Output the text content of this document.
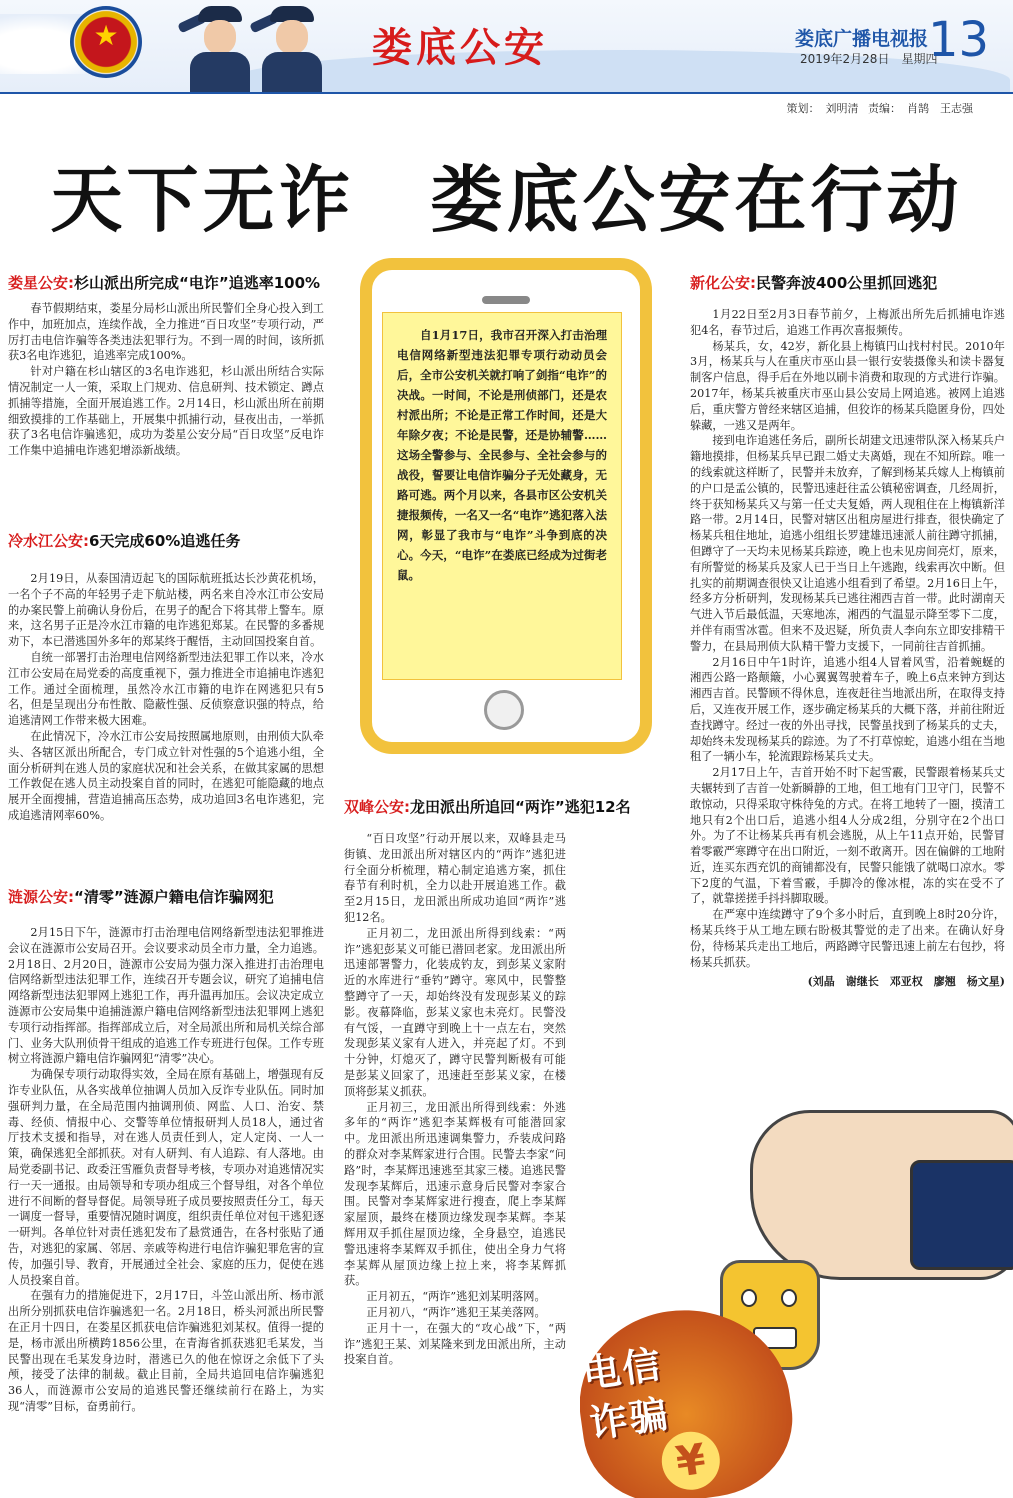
★	娄底公安	娄底广播电视报
2019年2月28日　 星期四
13
策划： 刘明清 责编： 肖鹄　王志强
天下无诈　娄底公安在行动
娄星公安:杉山派出所完成“电诈”追逃率100%

春节假期结束，娄星分局杉山派出所民警们全身心投入到工作中，加班加点，连续作战，全力推进“百日攻坚”专项行动，严厉打击电信诈骗等各类违法犯罪行为。不到一周的时间，该所抓获3名电诈逃犯，追逃率完成100%。

针对户籍在杉山辖区的3名电诈逃犯，杉山派出所结合实际情况制定一人一策，采取上门规劝、信息研判、技术锁定、蹲点抓捕等措施，全面开展追逃工作。2月14日，杉山派出所在前期细致摸排的工作基础上，开展集中抓捕行动，昼夜出击，一举抓获了3名电信诈骗逃犯，成功为娄星公安分局“百日攻坚”反电诈工作集中追捕电诈逃犯增添新战绩。

冷水江公安:6天完成60%追逃任务

2月19日，从泰国清迈起飞的国际航班抵达长沙黄花机场，一名个子不高的年轻男子走下航站楼，两名来自冷水江市公安局的办案民警上前确认身份后，在男子的配合下将其带上警车。原来，这名男子正是冷水江市籍的电诈逃犯郑某。在民警的多番规劝下，本已潜逃国外多年的郑某终于醒悟，主动回国投案自首。

自统一部署打击治理电信网络新型违法犯罪工作以来，冷水江市公安局在局党委的高度重视下，强力推进全市追捕电诈逃犯工作。通过全面梳理，虽然冷水江市籍的电诈在网逃犯只有5名，但是呈现出分布性散、隐蔽性强、反侦察意识强的特点，给追逃清网工作带来极大困难。

在此情况下，冷水江市公安局按照属地原则，由刑侦大队牵头、各辖区派出所配合，专门成立针对性强的5个追逃小组，全面分析研判在逃人员的家庭状况和社会关系，在做其家属的思想工作敦促在逃人员主动投案自首的同时，在逃犯可能隐藏的地点展开全面搜捕，营造追捕高压态势，成功追回3名电诈逃犯，完成追逃清网率60%。

涟源公安:“清零”涟源户籍电信诈骗网犯

2月15日下午，涟源市打击治理电信网络新型违法犯罪推进会议在涟源市公安局召开。会议要求动员全市力量，全力追逃。2月18日、2月20日，涟源市公安局为强力深入推进打击治理电信网络新型违法犯罪工作，连续召开专题会议，研究了追捕电信网络新型违法犯罪网上逃犯工作，再升温再加压。会议决定成立涟源市公安局集中追捕涟源户籍电信网络新型违法犯罪网上逃犯专项行动指挥部。指挥部成立后，对全局派出所和局机关综合部门、业务大队刑侦骨干组成的追逃工作专班进行包保。工作专班树立将涟源户籍电信诈骗网犯“清零”决心。

为确保专项行动取得实效，全局在原有基础上，增强现有反诈专业队伍，从各实战单位抽调人员加入反诈专业队伍。同时加强研判力量，在全局范围内抽调刑侦、网监、人口、治安、禁毒、经侦、情报中心、交警等单位情报研判人员18人，通过省厅技术支援和指导，对在逃人员责任到人，定人定岗、一人一策，确保逃犯全部抓获。对有人研判、有人追踪、有人落地。由局党委副书记、政委汪雪雁负责督导考核，专项办对追逃情况实行一天一通报。由局领导和专项办组成三个督导组，对各个单位进行不间断的督导督促。局领导班子成员要按照责任分工，每天一调度一督导，重要情况随时调度，组织责任单位对包干逃犯逐一研判。各单位针对责任逃犯发布了悬赏通告，在各村张贴了通告，对逃犯的家属、邻居、亲戚等构进行电信诈骗犯罪危害的宣传，加强引导、教育，开展通过全社会、家庭的压力，促使在逃人员投案自首。

在强有力的措施促进下，2月17日，斗笠山派出所、杨市派出所分别抓获电信诈骗逃犯一名。2月18日，桥头河派出所民警在正月十四日，在娄星区抓获电信诈骗逃犯刘某权。值得一提的是，杨市派出所横跨1856公里，在青海省抓获逃犯毛某发，当民警出现在毛某发身边时，潜逃已久的他在惊讶之余低下了头颅，接受了法律的制裁。截止目前，全局共追回电信诈骗逃犯36人，而涟源市公安局的追逃民警还继续前行在路上，为实现“清零”目标，奋勇前行。

自1月17日，我市召开深入打击治理电信网络新型违法犯罪专项行动动员会后，全市公安机关就打响了剑指“电诈”的决战。一时间，不论是刑侦部门，还是农村派出所；不论是正常工作时间，还是大年除夕夜；不论是民警，还是协辅警……这场全警参与、全民参与、全社会参与的战役，誓要让电信诈骗分子无处藏身，无路可逃。两个月以来，各县市区公安机关捷报频传，一名又一名“电诈”逃犯落入法网，彰显了我市与“电诈”斗争到底的决心。今天，“电诈”在娄底已经成为过街老鼠。

双峰公安:龙田派出所追回“两诈”逃犯12名

“百日攻坚”行动开展以来，双峰县走马街镇、龙田派出所对辖区内的“两诈”逃犯进行全面分析梳理，精心制定追逃方案，抓住春节有利时机，全力以赴开展追逃工作。截至2月15日，龙田派出所成功追回“两诈”逃犯12名。

正月初二，龙田派出所得到线索：“两诈”逃犯彭某义可能已潜回老家。龙田派出所迅速部署警力，化装成钓友，到彭某义家附近的水库进行“垂钓”蹲守。寒风中，民警整整蹲守了一天，却始终没有发现彭某义的踪影。夜幕降临，彭某义家也未亮灯。民警没有气馁，一直蹲守到晚上十一点左右，突然发现彭某义家有人进入，并亮起了灯。不到十分钟，灯熄灭了，蹲守民警判断极有可能是彭某义回家了，迅速赶至彭某义家，在楼顶将彭某义抓获。

正月初三，龙田派出所得到线索：外逃多年的“两诈”逃犯李某辉极有可能潜回家中。龙田派出所迅速调集警力，乔装成问路的群众对李某辉家进行合围。民警去李家“问路”时，李某辉迅速逃至其家三楼。追逃民警发现李某辉后，迅速示意身后民警对李家合围。民警对李某辉家进行搜查，爬上李某辉家屋顶，最终在楼顶边缘发现李某辉。李某辉用双手抓住屋顶边缘，全身悬空，追逃民警迅速将李某辉双手抓住，使出全身力气将李某辉从屋顶边缘上拉上来，将李某辉抓获。

正月初五，“两诈”逃犯刘某明落网。

正月初八，“两诈”逃犯王某美落网。

正月十一，在强大的“攻心战”下，“两诈”逃犯王某、刘某隆来到龙田派出所，主动投案自首。

新化公安:民警奔波400公里抓回逃犯

1月22日至2月3日春节前夕，上梅派出所先后抓捕电诈逃犯4名，春节过后，追逃工作再次喜报频传。

杨某兵，女，42岁，新化县上梅镇円山找村村民。2010年3月，杨某兵与人在重庆市巫山县一银行安装摄像头和读卡器复制客户信息，得手后在外地以刷卡消费和取现的方式进行诈骗。2017年，杨某兵被重庆市巫山县公安局上网追逃。被网上追逃后，重庆警方曾经来辖区追捕，但狡诈的杨某兵隐匿身份，四处躲藏，一逃又是两年。

接到电诈追逃任务后，副所长胡建文迅速带队深入杨某兵户籍地摸排，但杨某兵早已跟二婚丈夫离婚，现在不知所踪。唯一的线索就这样断了，民警并未放弃，了解到杨某兵嫁人上梅镇前的户口是孟公镇的，民警迅速赶往孟公镇秘密调查，几经周折，终于获知杨某兵又与第一任丈夫复婚，两人现租住在上梅镇新洋路一带。2月14日，民警对辖区出租房屋进行排查，很快确定了杨某兵租住地址，追逃小组组长罗建雄迅速派人前往蹲守抓捕，但蹲守了一天均未见杨某兵踪迹，晚上也未见房间亮灯，原来，有所警觉的杨某兵及家人已于当日上午逃跑，线索再次中断。但扎实的前期调查很快又让追逃小组看到了希望。2月16日上午，经多方分析研判，发现杨某兵已逃往湘西吉首一带。此时湖南天气进入节后最低温，天寒地冻，湘西的气温显示降至零下二度，并伴有雨雪冰雹。但来不及迟疑，所负责人李向东立即安排精干警力，在县局刑侦大队精干警力支援下，一同前往吉首抓捕。

2月16日中午1时许，追逃小组4人冒着风雪，沿着蜿蜒的湘西公路一路颠簸，小心翼翼驾驶着车子，晚上6点来钟方到达湘西吉首。民警顾不得休息，连夜赶往当地派出所，在取得支持后，又连夜开展工作，逐步确定杨某兵的大概下落，并前往附近查找蹲守。经过一夜的外出寻找，民警虽找到了杨某兵的丈夫，却始终未发现杨某兵的踪迹。为了不打草惊蛇，追逃小组在当地租了一辆小车，轮流跟踪杨某兵丈夫。

2月17日上午，吉首开始不时下起雪霰，民警跟着杨某兵丈夫辗转到了吉首一处新瞬静的工地，但工地有门卫守门，民警不敢惊动，只得采取守株待兔的方式。在将工地转了一圈，摸清工地只有2个出口后，追逃小组4人分成2组，分别守在2个出口外。为了不让杨某兵再有机会逃脱，从上午11点开始，民警冒着零霰严寒蹲守在出口附近，一刻不敢离开。因在偏僻的工地附近，连买东西充饥的商铺都没有，民警只能饿了就喝口凉水。零下2度的气温，下着雪霰，手脚冷的像冰棍，冻的实在受不了了，就靠搓搓手抖抖脚取暖。

在严寒中连续蹲守了9个多小时后，直到晚上8时20分许，杨某兵终于从工地左顾右盼极其警觉的走了出来。在确认好身份，待杨某兵走出工地后，两路蹲守民警迅速上前左右包抄，将杨某兵抓获。

(刘晶　谢继长　邓亚权　廖翘　杨文星)
电信
诈骗
¥
